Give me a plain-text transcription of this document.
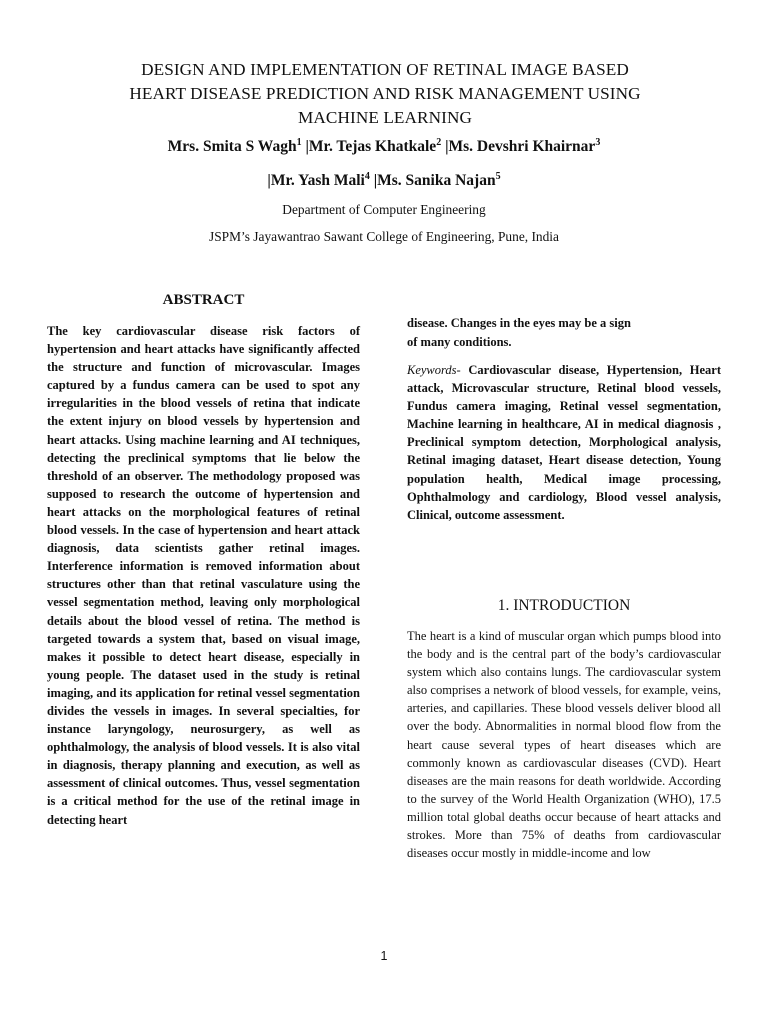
DESIGN AND IMPLEMENTATION OF RETINAL IMAGE BASED
HEART DISEASE PREDICTION AND RISK MANAGEMENT USING
MACHINE LEARNING
Mrs. Smita S Wagh$^1$ |Mr. Tejas Khatkale$^2$ |Ms. Devshri Khairnar$^3$
|Mr. Yash Mali$^4$ |Ms. Sanika Najan$^5$
Department of Computer Engineering
JSPM’s Jayawantrao Sawant College of Engineering, Pune, India
ABSTRACT
The key cardiovascular disease risk factors of hypertension and heart attacks have significantly affected the structure and function of microvascular. Images captured by a fundus camera can be used to spot any irregularities in the blood vessels of retina that indicate the extent injury on blood vessels by hypertension and heart attacks. Using machine learning and AI techniques, detecting the preclinical symptoms that lie below the threshold of an observer. The methodology proposed was supposed to research the outcome of hypertension and heart attacks on the morphological features of retinal blood vessels. In the case of hypertension and heart attack diagnosis, data scientists gather retinal images. Interference information is removed information about structures other than that retinal vasculature using the vessel segmentation method, leaving only morphological details about the blood vessel of retina. The method is targeted towards a system that, based on visual image, makes it possible to detect heart disease, especially in young people. The dataset used in the study is retinal imaging, and its application for retinal vessel segmentation divides the vessels in images. In several specialties, for instance laryngology, neurosurgery, as well as ophthalmology, the analysis of blood vessels. It is also vital in diagnosis, therapy planning and execution, as well as assessment of clinical outcomes. Thus, vessel segmentation is a critical method for the use of the retinal image in detecting heart
disease. Changes in the eyes may be a sign
of many conditions.
Keywords- Cardiovascular disease, Hypertension, Heart attack, Microvascular structure, Retinal blood vessels, Fundus camera imaging, Retinal vessel segmentation, Machine learning in healthcare, AI in medical diagnosis , Preclinical symptom detection, Morphological analysis, Retinal imaging dataset, Heart disease detection, Young population health, Medical image processing, Ophthalmology and cardiology, Blood vessel analysis, Clinical, outcome assessment.
1. INTRODUCTION
The heart is a kind of muscular organ which pumps blood into the body and is the central part of the body’s cardiovascular system which also contains lungs. The cardiovascular system also comprises a network of blood vessels, for example, veins, arteries, and capillaries. These blood vessels deliver blood all over the body. Abnormalities in normal blood flow from the heart cause several types of heart diseases which are commonly known as cardiovascular diseases (CVD). Heart diseases are the main reasons for death worldwide. According to the survey of the World Health Organization (WHO), 17.5 million total global deaths occur because of heart attacks and strokes. More than 75% of deaths from cardiovascular diseases occur mostly in middle-income and low
1
